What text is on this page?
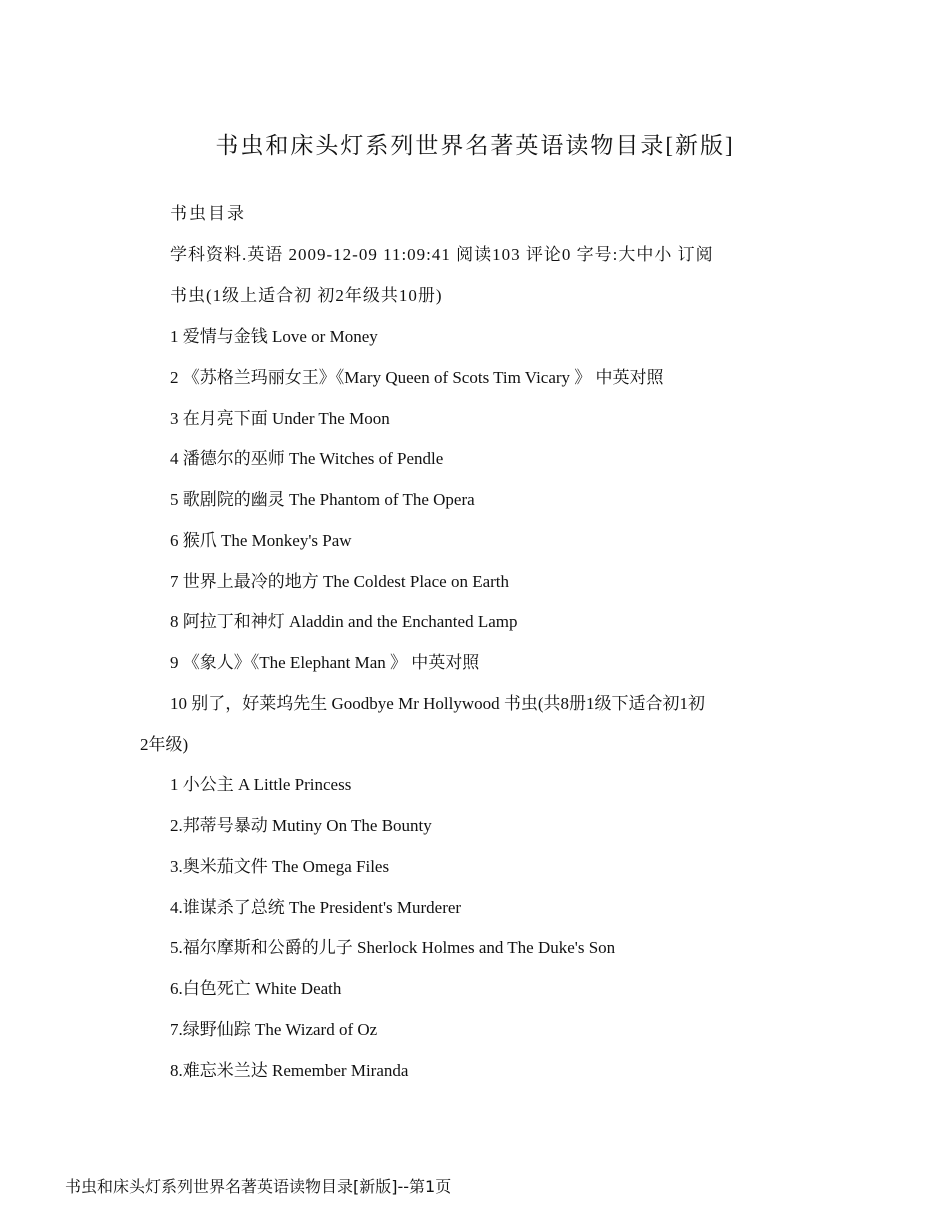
书虫和床头灯系列世界名著英语读物目录[新版]
书虫目录
学科资料.英语 2009-12-09 11:09:41 阅读103 评论0 字号:大中小 订阅
书虫(1级上适合初 初2年级共10册)
1 爱情与金钱 Love or Money
2 《苏格兰玛丽女王》《Mary Queen of Scots Tim Vicary 》 中英对照
3 在月亮下面 Under The Moon
4 潘德尔的巫师 The Witches of Pendle
5 歌剧院的幽灵 The Phantom of The Opera
6 猴爪 The Monkey's Paw
7 世界上最冷的地方 The Coldest Place on Earth
8 阿拉丁和神灯 Aladdin and the Enchanted Lamp
9 《象人》《The Elephant Man 》 中英对照
10 别了，好莱坞先生 Goodbye Mr Hollywood 书虫(共8册1级下适合初1初
2年级)
1 小公主 A Little Princess
2.邦蒂号暴动 Mutiny On The Bounty
3.奥米茄文件 The Omega Files
4.谁谋杀了总统 The President's Murderer
5.福尔摩斯和公爵的儿子 Sherlock Holmes and The Duke's Son
6.白色死亡 White Death
7.绿野仙踪 The Wizard of Oz
8.难忘米兰达 Remember Miranda
书虫和床头灯系列世界名著英语读物目录[新版]--第1页
